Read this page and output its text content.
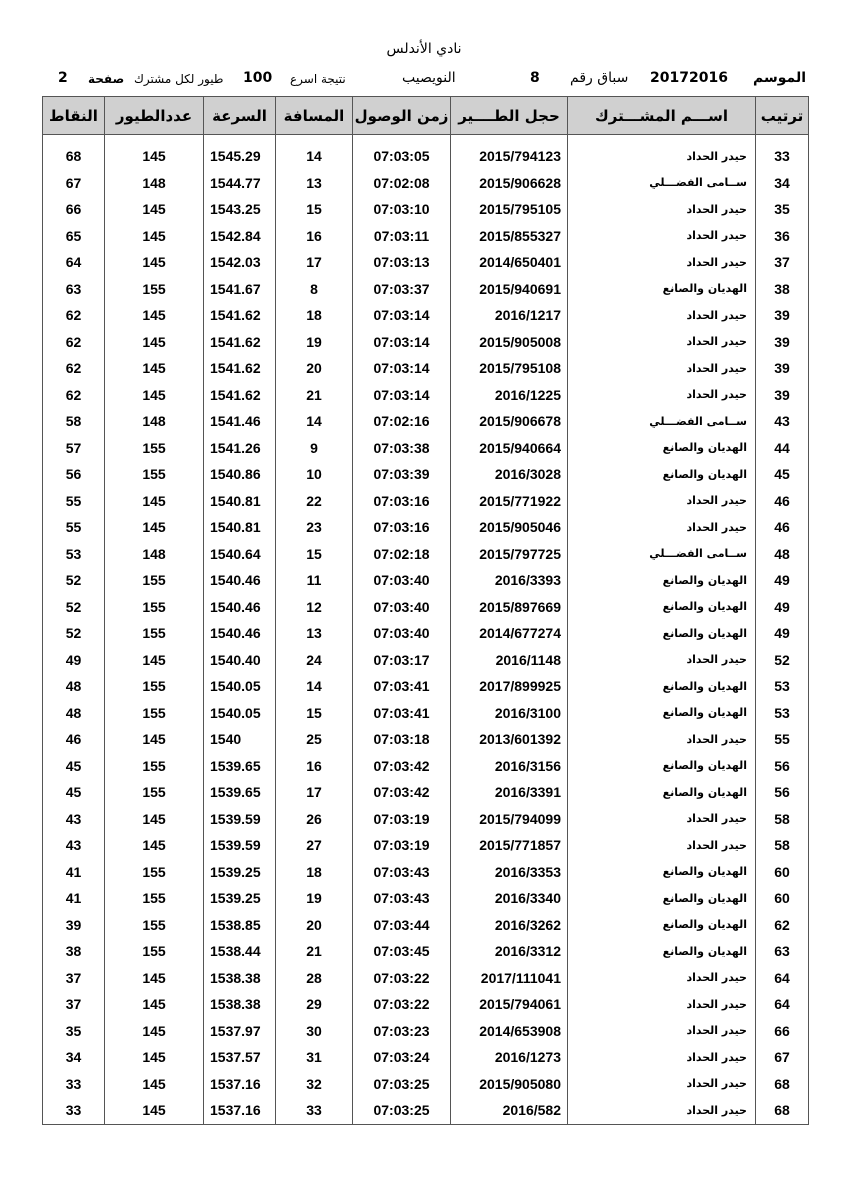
نادي الأندلس
الموسم
20172016
سباق رقم
8
النويصيب
نتيجة اسرع
100
طيور لكل مشترك
صفحة
2
النقاط	عددالطيور	السرعة	المسافة	زمن الوصول	حجل الطــــير	اســـم المشـــترك	ترتيب
68	145	1545.29	14	07:03:05	2015/794123	حيدر الحداد	33
67	148	1544.77	13	07:02:08	2015/906628	ســامى الفضـــلي	34
66	145	1543.25	15	07:03:10	2015/795105	حيدر الحداد	35
65	145	1542.84	16	07:03:11	2015/855327	حيدر الحداد	36
64	145	1542.03	17	07:03:13	2014/650401	حيدر الحداد	37
63	155	1541.67	8	07:03:37	2015/940691	الهديان والصانع	38
62	145	1541.62	18	07:03:14	2016/1217	حيدر الحداد	39
62	145	1541.62	19	07:03:14	2015/905008	حيدر الحداد	39
62	145	1541.62	20	07:03:14	2015/795108	حيدر الحداد	39
62	145	1541.62	21	07:03:14	2016/1225	حيدر الحداد	39
58	148	1541.46	14	07:02:16	2015/906678	ســامى الفضـــلي	43
57	155	1541.26	9	07:03:38	2015/940664	الهديان والصانع	44
56	155	1540.86	10	07:03:39	2016/3028	الهديان والصانع	45
55	145	1540.81	22	07:03:16	2015/771922	حيدر الحداد	46
55	145	1540.81	23	07:03:16	2015/905046	حيدر الحداد	46
53	148	1540.64	15	07:02:18	2015/797725	ســامى الفضـــلي	48
52	155	1540.46	11	07:03:40	2016/3393	الهديان والصانع	49
52	155	1540.46	12	07:03:40	2015/897669	الهديان والصانع	49
52	155	1540.46	13	07:03:40	2014/677274	الهديان والصانع	49
49	145	1540.40	24	07:03:17	2016/1148	حيدر الحداد	52
48	155	1540.05	14	07:03:41	2017/899925	الهديان والصانع	53
48	155	1540.05	15	07:03:41	2016/3100	الهديان والصانع	53
46	145	1540	25	07:03:18	2013/601392	حيدر الحداد	55
45	155	1539.65	16	07:03:42	2016/3156	الهديان والصانع	56
45	155	1539.65	17	07:03:42	2016/3391	الهديان والصانع	56
43	145	1539.59	26	07:03:19	2015/794099	حيدر الحداد	58
43	145	1539.59	27	07:03:19	2015/771857	حيدر الحداد	58
41	155	1539.25	18	07:03:43	2016/3353	الهديان والصانع	60
41	155	1539.25	19	07:03:43	2016/3340	الهديان والصانع	60
39	155	1538.85	20	07:03:44	2016/3262	الهديان والصانع	62
38	155	1538.44	21	07:03:45	2016/3312	الهديان والصانع	63
37	145	1538.38	28	07:03:22	2017/111041	حيدر الحداد	64
37	145	1538.38	29	07:03:22	2015/794061	حيدر الحداد	64
35	145	1537.97	30	07:03:23	2014/653908	حيدر الحداد	66
34	145	1537.57	31	07:03:24	2016/1273	حيدر الحداد	67
33	145	1537.16	32	07:03:25	2015/905080	حيدر الحداد	68
33	145	1537.16	33	07:03:25	2016/582	حيدر الحداد	68
